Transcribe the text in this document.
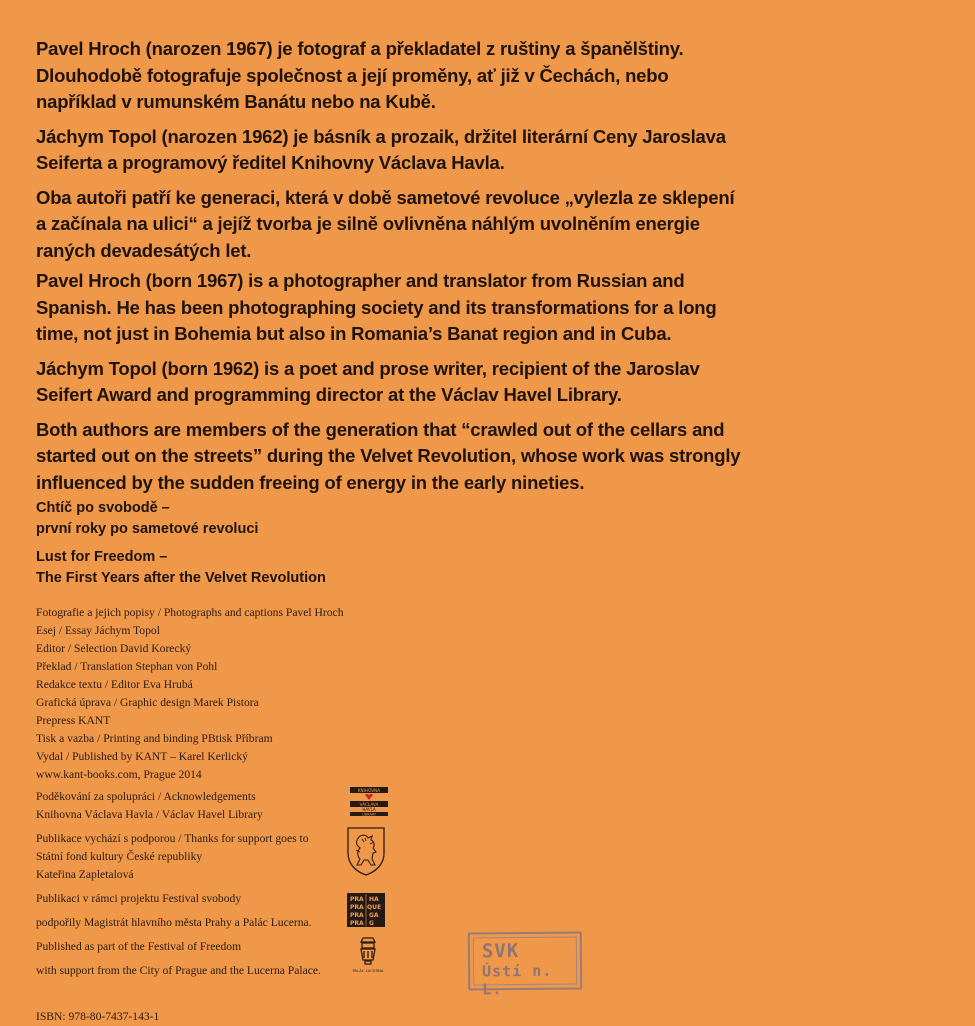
Pavel Hroch (narozen 1967) je fotograf a překladatel z ruštiny a španělštiny.
Dlouhodobě fotografuje společnost a její proměny, ať již v Čechách, nebo
například v rumunském Banátu nebo na Kubě.

Jáchym Topol (narozen 1962) je básník a prozaik, držitel literární Ceny Jaroslava
Seiferta a programový ředitel Knihovny Václava Havla.

Oba autoři patří ke generaci, která v době sametové revoluce „vylezla ze sklepení
a začínala na ulici“ a jejíž tvorba je silně ovlivněna náhlým uvolněním energie
raných devadesátých let.

Pavel Hroch (born 1967) is a photographer and translator from Russian and
Spanish. He has been photographing society and its transformations for a long
time, not just in Bohemia but also in Romania’s Banat region and in Cuba.

Jáchym Topol (born 1962) is a poet and prose writer, recipient of the Jaroslav
Seifert Award and programming director at the Václav Havel Library.

Both authors are members of the generation that “crawled out of the cellars and
started out on the streets” during the Velvet Revolution, whose work was strongly
influenced by the sudden freeing of energy in the early nineties.

Chtíč po svobodě –
první roky po sametové revoluci

Lust for Freedom –
The First Years after the Velvet Revolution

Fotografie a jejich popisy / Photographs and captions Pavel Hroch
Esej / Essay Jáchym Topol
Editor / Selection David Korecký
Překlad / Translation Stephan von Pohl
Redakce textu / Editor Eva Hrubá
Grafická úprava / Graphic design Marek Pistora
Prepress KANT
Tisk a vazba / Printing and binding PBtisk Příbram
Vydal / Published by KANT – Karel Kerlický
www.kant-books.com, Prague 2014
Poděkování za spolupráci / Acknowledgements
Knihovna Václava Havla / Václav Havel Library
Publikace vychází s podporou / Thanks for support goes to
Státní fond kultury České republiky
Kateřina Zapletalová
Publikaci v rámci projektu Festival svobody
podpořily Magistrát hlavního města Prahy a Palác Lucerna.
Published as part of the Festival of Freedom
with support from the City of Prague and the Lucerna Palace.
ISBN: 978-80-7437-143-1
KNIHOVNA
VÁCLAVA
HAVLA
LIBRARY
PRA HA
PRA QUE
PRA GA
PRA G
PALÁC LUCERNA
SVK
Ústí n. L.
